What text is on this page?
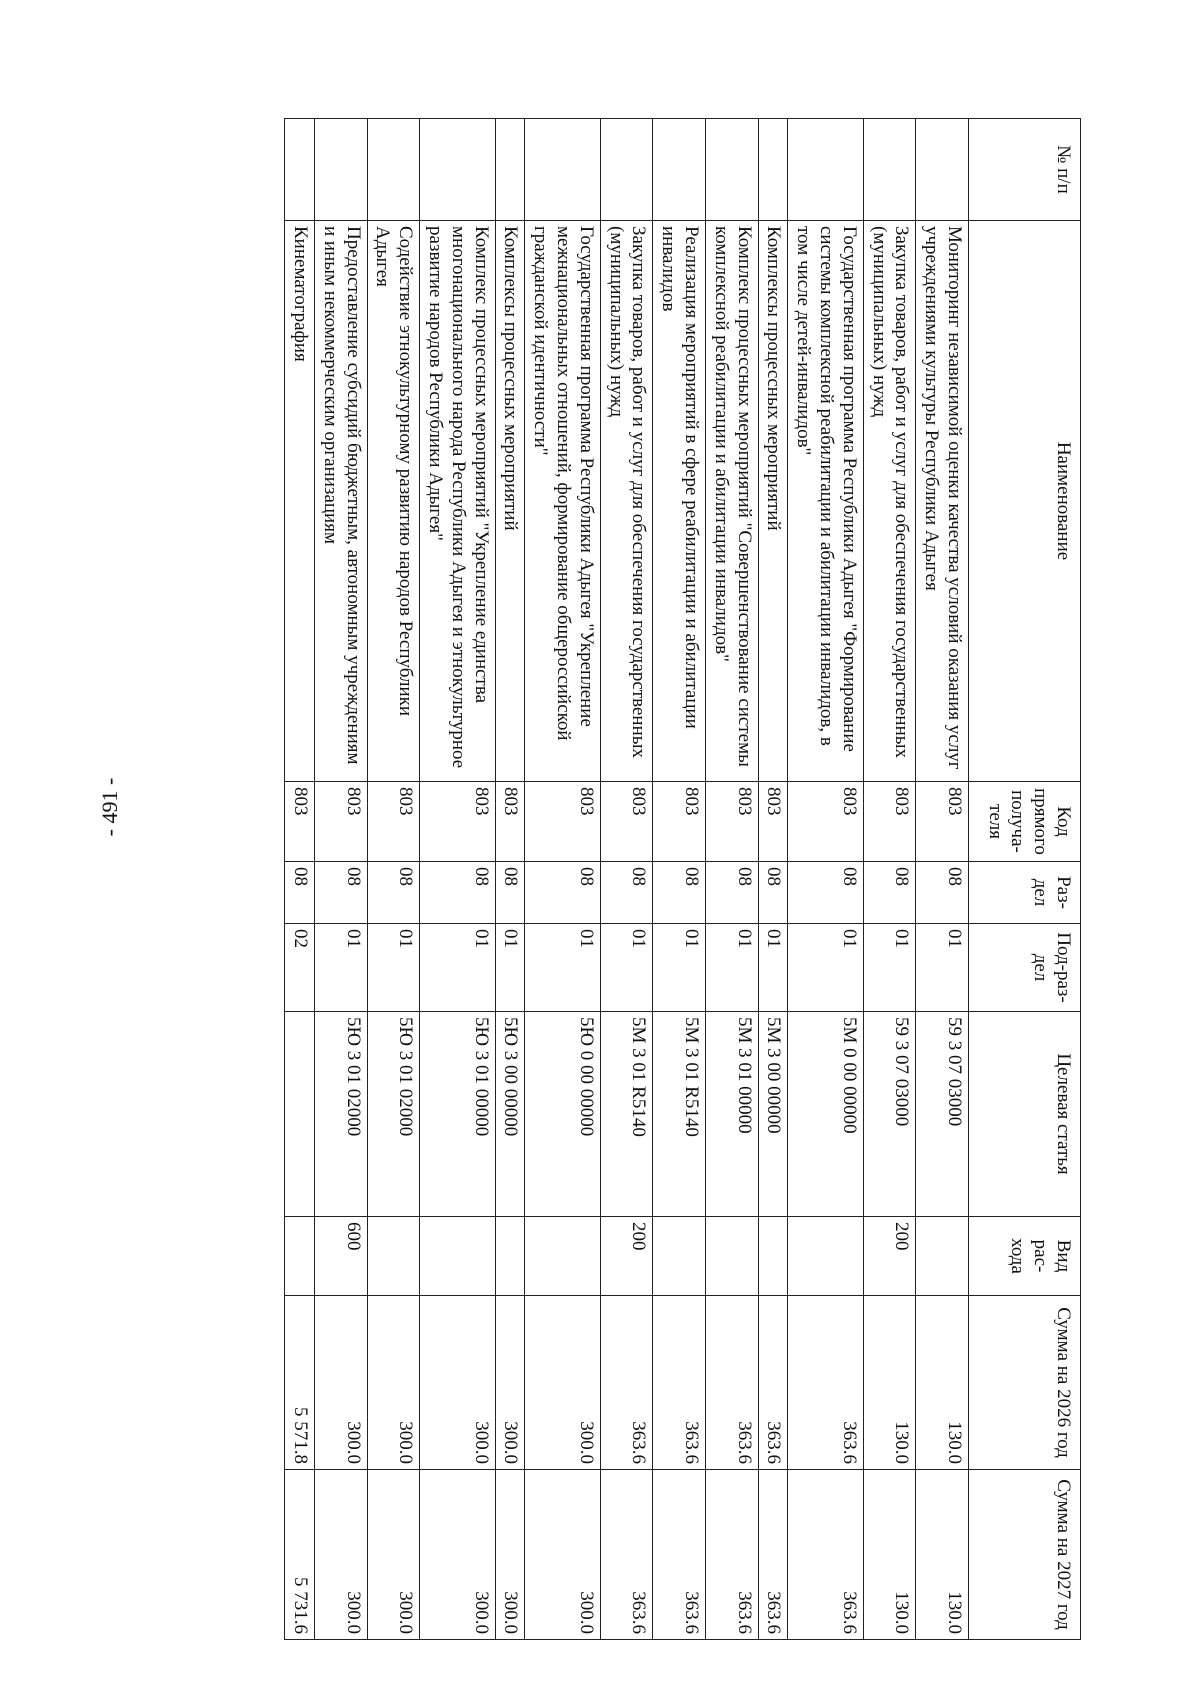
- 491 -
№ п/п	Наименование	Код прямого получа-теля	Раз-дел	Под-раз-дел	Целевая статья	Вид рас-хода	Сумма на 2026 год	Сумма на 2027 год
	Мониторинг независимой оценки качества условий оказания услуг учреждениями культуры Республики Адыгея	803	08	01	59 3 07 03000		130.0	130.0
	Закупка товаров, работ и услуг для обеспечения государственных (муниципальных) нужд	803	08	01	59 3 07 03000	200	130.0	130.0
	Государственная программа Республики Адыгея "Формирование системы комплексной реабилитации и абилитации инвалидов, в том числе детей-инвалидов"	803	08	01	5М 0 00 00000		363.6	363.6
	Комплексы процессных мероприятий	803	08	01	5М 3 00 00000		363.6	363.6
	Комплекс процессных мероприятий "Совершенствование системы комплексной реабилитации и абилитации инвалидов"	803	08	01	5М 3 01 00000		363.6	363.6
	Реализация мероприятий в сфере реабилитации и абилитации инвалидов	803	08	01	5М 3 01 R5140		363.6	363.6
	Закупка товаров, работ и услуг для обеспечения государственных (муниципальных) нужд	803	08	01	5М 3 01 R5140	200	363.6	363.6
	Государственная программа Республики Адыгея "Укрепление межнациональных отношений, формирование общероссийской гражданской идентичности"	803	08	01	5Ю 0 00 00000		300.0	300.0
	Комплексы процессных мероприятий	803	08	01	5Ю 3 00 00000		300.0	300.0
	Комплекс процессных мероприятий "Укрепление единства многонационального народа Республики Адыгея и этнокультурное развитие народов Республики Адыгея"	803	08	01	5Ю 3 01 00000		300.0	300.0
	Содействие этнокультурному развитию народов Республики Адыгея	803	08	01	5Ю 3 01 02000		300.0	300.0
	Предоставление субсидий бюджетным, автономным учреждениям и иным некоммерческим организациям	803	08	01	5Ю 3 01 02000	600	300.0	300.0
	Кинематография	803	08	02			5 571.8	5 731.6
